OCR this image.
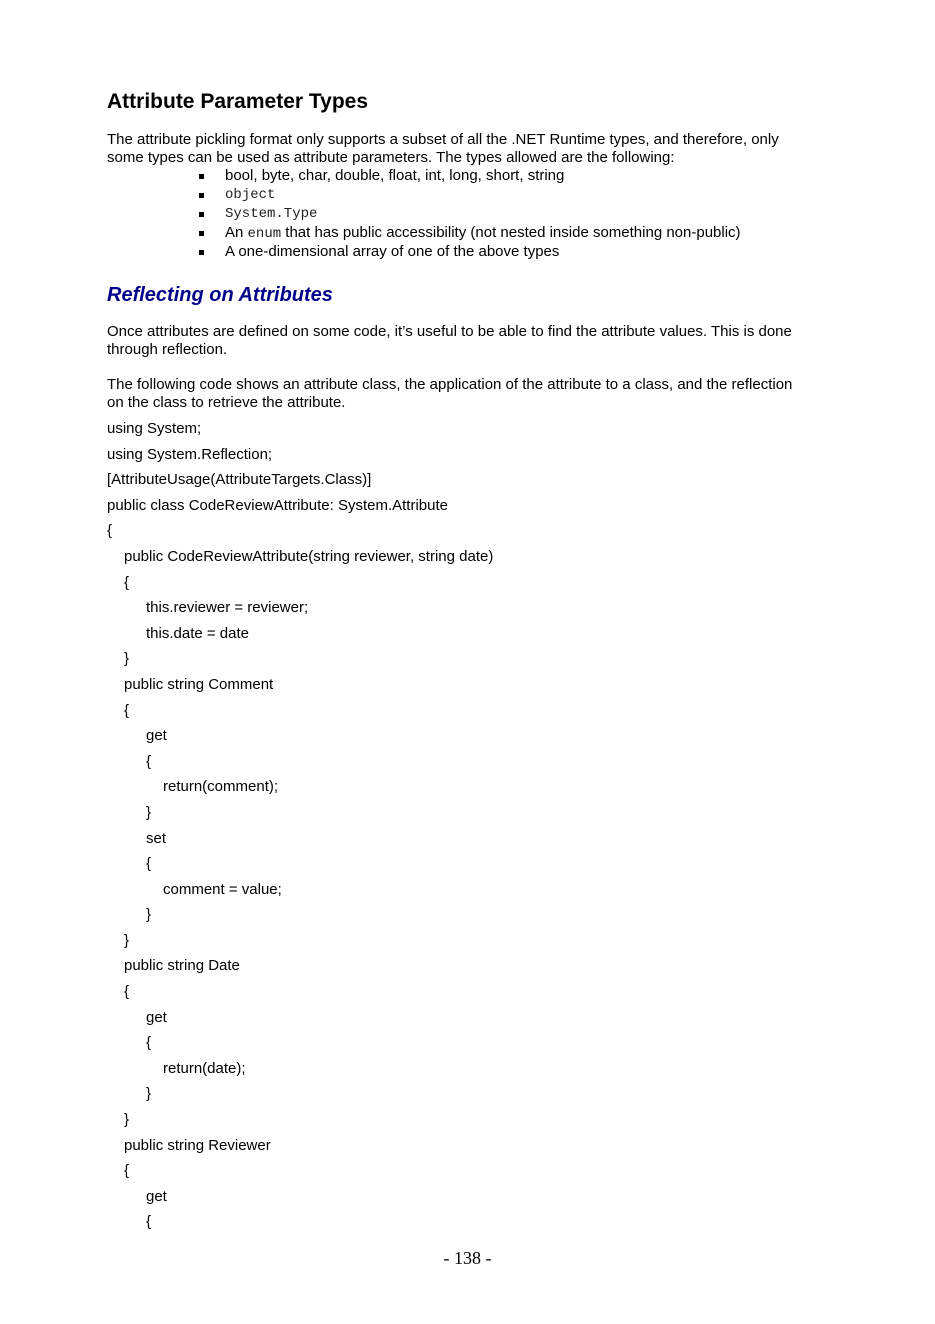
Attribute Parameter Types

The attribute pickling format only supports a subset of all the .NET Runtime types, and therefore, only
some types can be used as attribute parameters. The types allowed are the following:

bool, byte, char, double, float, int, long, short, string
object
System.Type
An enum that has public accessibility (not nested inside something non-public)
A one-dimensional array of one of the above types
Reflecting on Attributes

Once attributes are defined on some code, it’s useful to be able to find the attribute values. This is done
through reflection.

The following code shows an attribute class, the application of the attribute to a class, and the reflection
on the class to retrieve the attribute.

using System;
using System.Reflection;
[AttributeUsage(AttributeTargets.Class)]
public class CodeReviewAttribute: System.Attribute
{
public CodeReviewAttribute(string reviewer, string date)
{
this.reviewer = reviewer;
this.date = date
}
public string Comment
{
get
{
return(comment);
}
set
{
comment = value;
}
}
public string Date
{
get
{
return(date);
}
}
public string Reviewer
{
get
{
- 138 -
